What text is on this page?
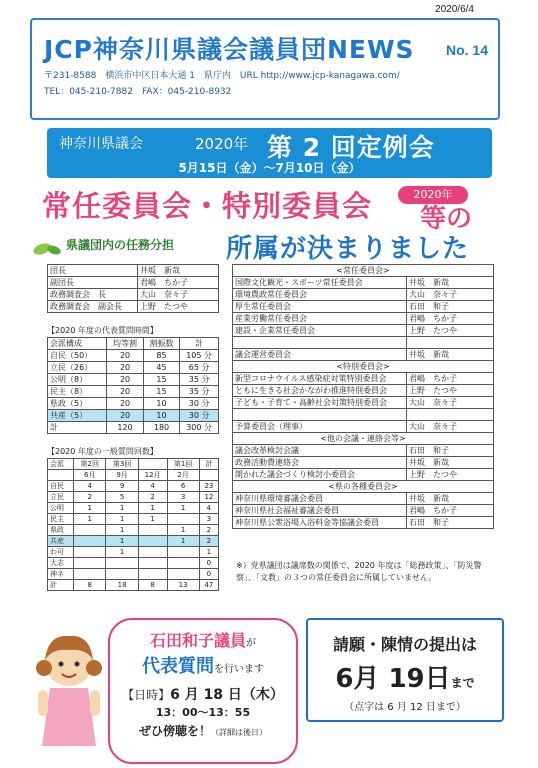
2020/6/4
JCP神奈川県議会議員団NEWS No. 14
〒231-8588　横浜市中区日本大通 1　県庁内　URL http://www.jcp-kanagawa.com/
TEL：045-210-7882　FAX：045-210-8932
神奈川県議会	2020年 第 2 回定例会
5月15日（金）～7月10日（金）
常任委員会・特別委員会	2020年
等の
所属が決まりました
県議団内の任務分担
団長	井坂　新哉
副団長	君嶋　ちか子
政務調査会　長	大山　奈々子
政務調査会　副会長	上野　たつや
【2020 年度の代表質問時間】
会派構成	均等割	割振数	計
自民（50）	20	85	105 分
立民（26）	20	45	65 分
公明（8）	20	15	35 分
民主（8）	20	15	35 分
県政（5）	20	10	30 分
共産（5）	20	10	30 分
計	120	180	300 分
【2020 年度の一般質問回数】
会派	第2回	第3回		第1回	計
	6月	9月	12月	2月	
自民	4	9	4	6	23
立民	2	5	2	3	12
公明	1	1	1	1	4
民主	1	1	1		3
県政		1		1	2
共産		1		1	2
わ可		1			1
大志					0
神ネ					0
計	8	18	8	13	47
<常任委員会>	
国際文化観光・スポーツ常任委員会	井坂　新哉
環境農政常任委員会	大山　奈々子
厚生常任委員会	石田　和子
産業労働常任委員会	君嶋　ちか子
建設・企業常任委員会	上野　たつや

議会運営委員会	井坂　新哉
<特別委員会>	
新型コロナウイルス感染症対策特別委員会	君嶋　ちか子
ともに生きる社会かながわ推進特別委員会	上野　たつや
子ども・子育て・高齢社会対策特別委員会	大山　奈々子

予算委員会（理事）	大山　奈々子
<他の会議・連絡会等>	
議会改革検討会議	石田　和子
政務活動費連絡会	井坂　新哉
開かれた議会づくり検討小委員会	上野　たつや
<県の各種委員会>	
神奈川県環境審議会委員	井坂　新哉
神奈川県社会福祉審議会委員	君嶋　ちか子
神奈川県公衆浴場入浴料金等協議会委員	石田　和子
※）党県議団は議席数の関係で、2020 年度は「総務政策」、「防災警察」、「文教」の３つの常任委員会に所属していません。
石田和子議員が
代表質問を行います
【日時】6 月 18 日（木）
13：00～13：55
ぜひ傍聴を！（詳細は後日）
請願・陳情の提出は
6月 19日まで
（点字は 6 月 12 日まで）
